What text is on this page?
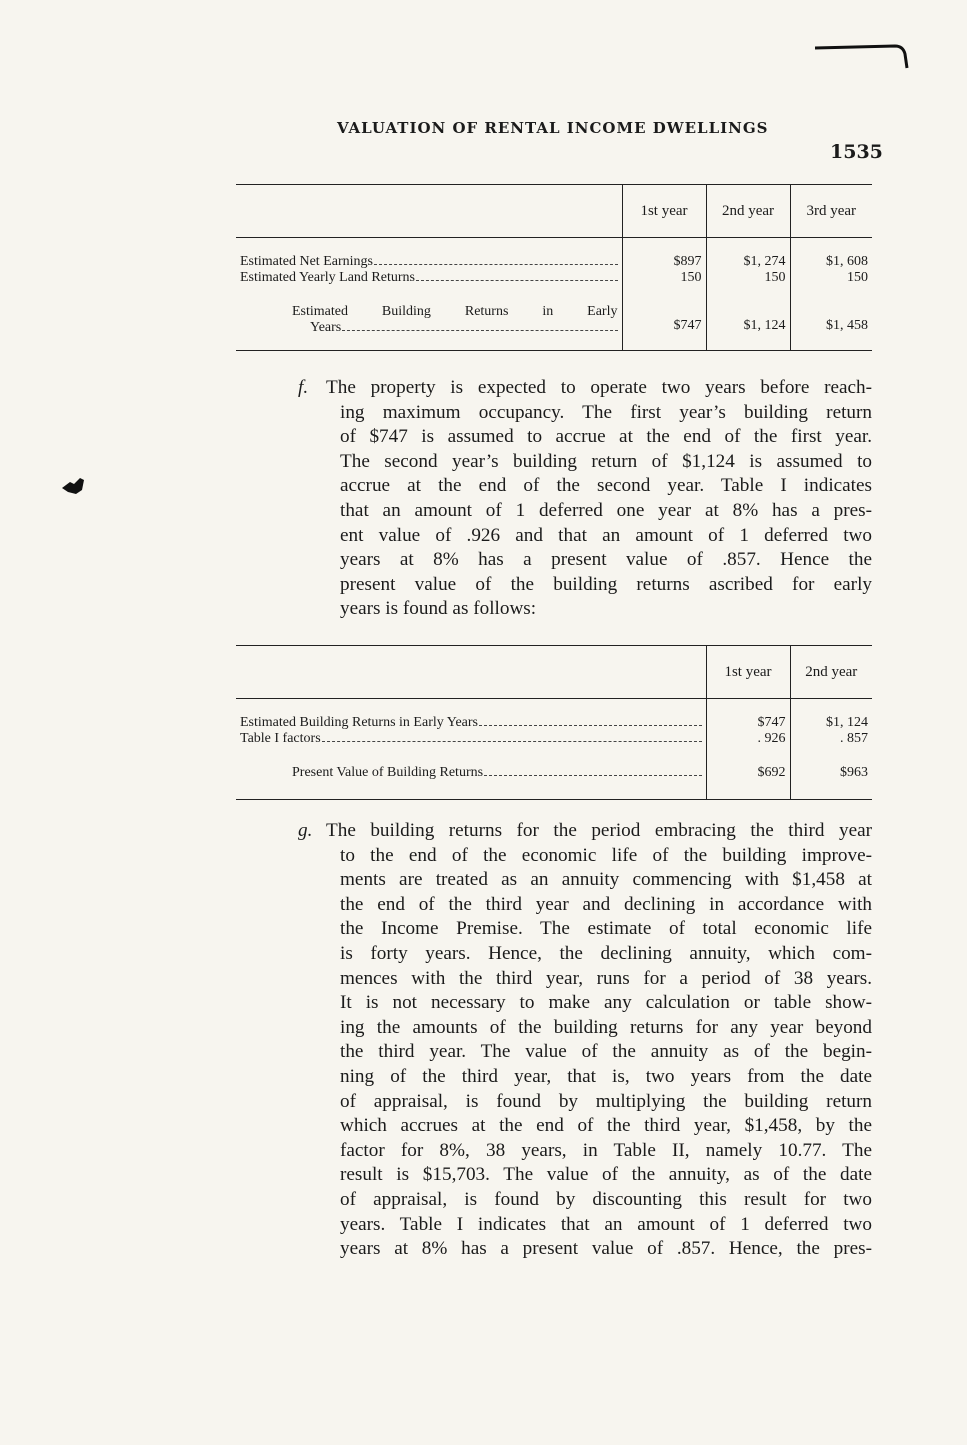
VALUATION OF RENTAL INCOME DWELLINGS
1535
	1st year	2nd year	3rd year

Estimated Net Earnings	$897	$1, 274	$1, 608

Estimated Yearly Land Returns	150	150	150

Estimated Building Returns in Early
Years	$747	$1, 124	$1, 458
f. The property is expected to operate two years before reach-
ing maximum occupancy. The first year’s building return
of $747 is assumed to accrue at the end of the first year.
The second year’s building return of $1,124 is assumed to
accrue at the end of the second year. Table I indicates
that an amount of 1 deferred one year at 8% has a pres-
ent value of .926 and that an amount of 1 deferred two
years at 8% has a present value of .857. Hence the
present value of the building returns ascribed for early
years is found as follows:
	1st year	2nd year

Estimated Building Returns in Early Years	$747	$1, 124

Table I factors	. 926	. 857

Present Value of Building Returns	$692	$963
g. The building returns for the period embracing the third year
to the end of the economic life of the building improve-
ments are treated as an annuity commencing with $1,458 at
the end of the third year and declining in accordance with
the Income Premise. The estimate of total economic life
is forty years. Hence, the declining annuity, which com-
mences with the third year, runs for a period of 38 years.
It is not necessary to make any calculation or table show-
ing the amounts of the building returns for any year beyond
the third year. The value of the annuity as of the begin-
ning of the third year, that is, two years from the date
of appraisal, is found by multiplying the building return
which accrues at the end of the third year, $1,458, by the
factor for 8%, 38 years, in Table II, namely 10.77. The
result is $15,703. The value of the annuity, as of the date
of appraisal, is found by discounting this result for two
years. Table I indicates that an amount of 1 deferred two
years at 8% has a present value of .857. Hence, the pres-
